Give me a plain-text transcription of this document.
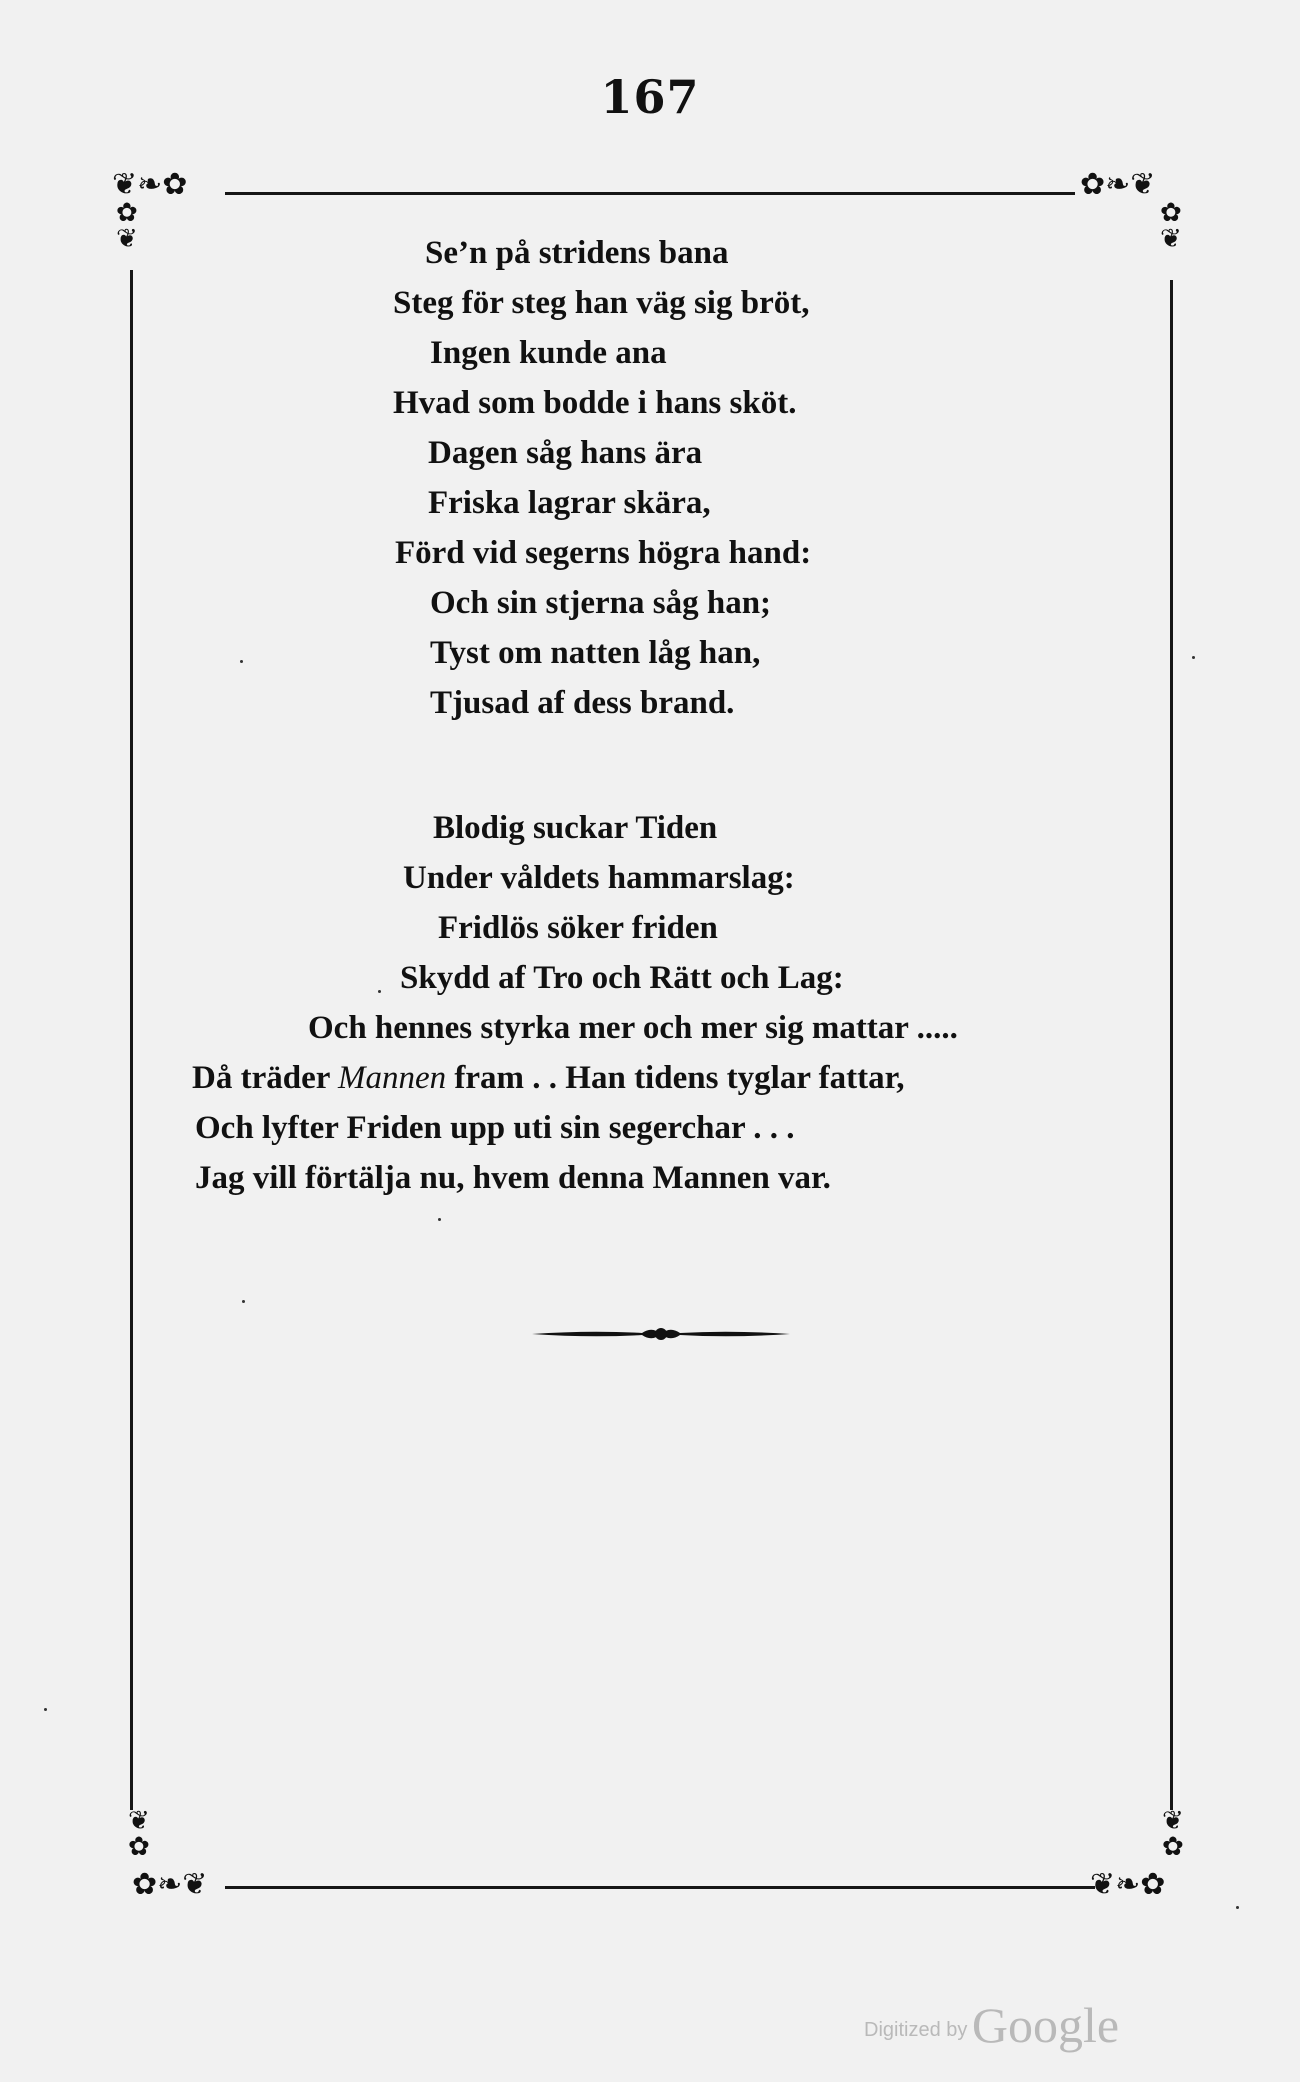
167
❦❧✿
✿
❦
✿❧❦
✿
❦
❦
✿
✿❧❦
❦
✿
❦❧✿
Se’n på stridens bana
Steg för steg han väg sig bröt,
Ingen kunde ana
Hvad som bodde i hans sköt.
Dagen såg hans ära
Friska lagrar skära,
Förd vid segerns högra hand:
Och sin stjerna såg han;
Tyst om natten låg han,
Tjusad af dess brand.
Blodig suckar Tiden
Under våldets hammarslag:
Fridlös söker friden
Skydd af Tro och Rätt och Lag:
Och hennes styrka mer och mer sig mattar .....
Då träder Mannen fram . . Han tidens tyglar fattar,
Och lyfter Friden upp uti sin segerchar . . .
Jag vill förtälja nu, hvem denna Mannen var.
Digitized by Google
